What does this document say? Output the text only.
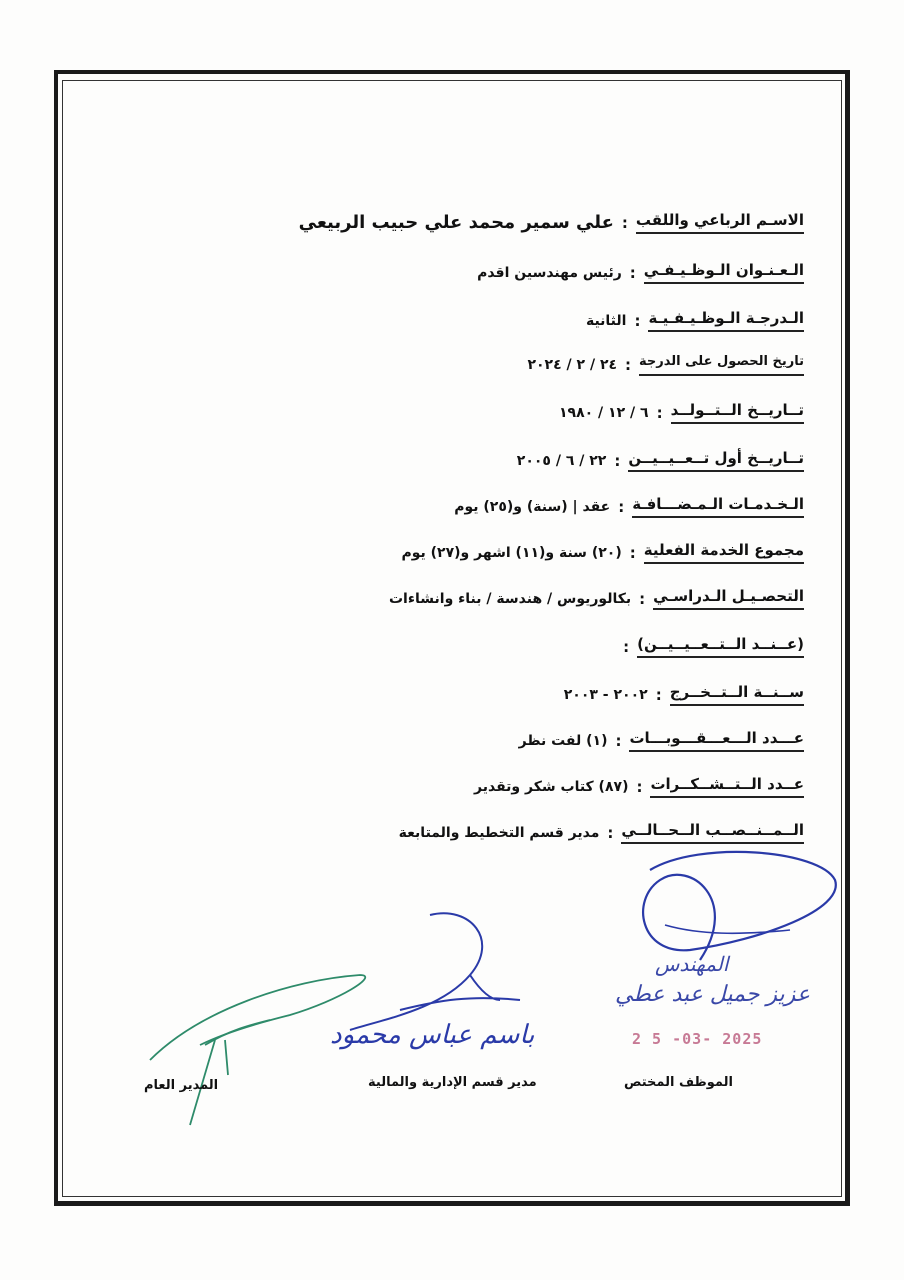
الاسـم الرباعي واللقب
:
علي سمير محمد علي حبيب الربيعي
الـعـنـوان الـوظـيـفـي
:
رئيس مهندسين اقدم
الـدرجـة الـوظـيـفـيـة
:
الثانية
تاريخ الحصول على الدرجة
:
٢٤ / ٢ / ٢٠٢٤
تــاريــخ الــتــولــد
:
٦ / ١٢ / ١٩٨٠
تــاريــخ أول تــعــيــيــن
:
٢٢ / ٦ / ٢٠٠٥
الـخـدمـات الـمـضـــافـة
:
عقد | (سنة) و(٢٥) يوم
مجموع الخدمة الفعلية
:
(٢٠) سنة و(١١) اشهر و(٢٧) يوم
التحصـيـل الـدراسـي
:
بكالوريوس / هندسة / بناء وانشاءات
(عــنــد الــتــعــيــيــن)
:
ســنــة الــتــخــرج
:
٢٠٠٢ - ٢٠٠٣
عـــدد الـــعـــقـــوبـــات
:
(١) لفت نظر
عــدد الــتــشــكــرات
:
(٨٧) كتاب شكر وتقدير
الــمــنــصــب الــحــالــي
:
مدير قسم التخطيط والمتابعة
المهندس
عزيز جميل عبد عطي
2 5 -03- 2025
باسم عباس محمود
الموظف المختص
مدير قسم الإدارية والمالية
المدير العام
